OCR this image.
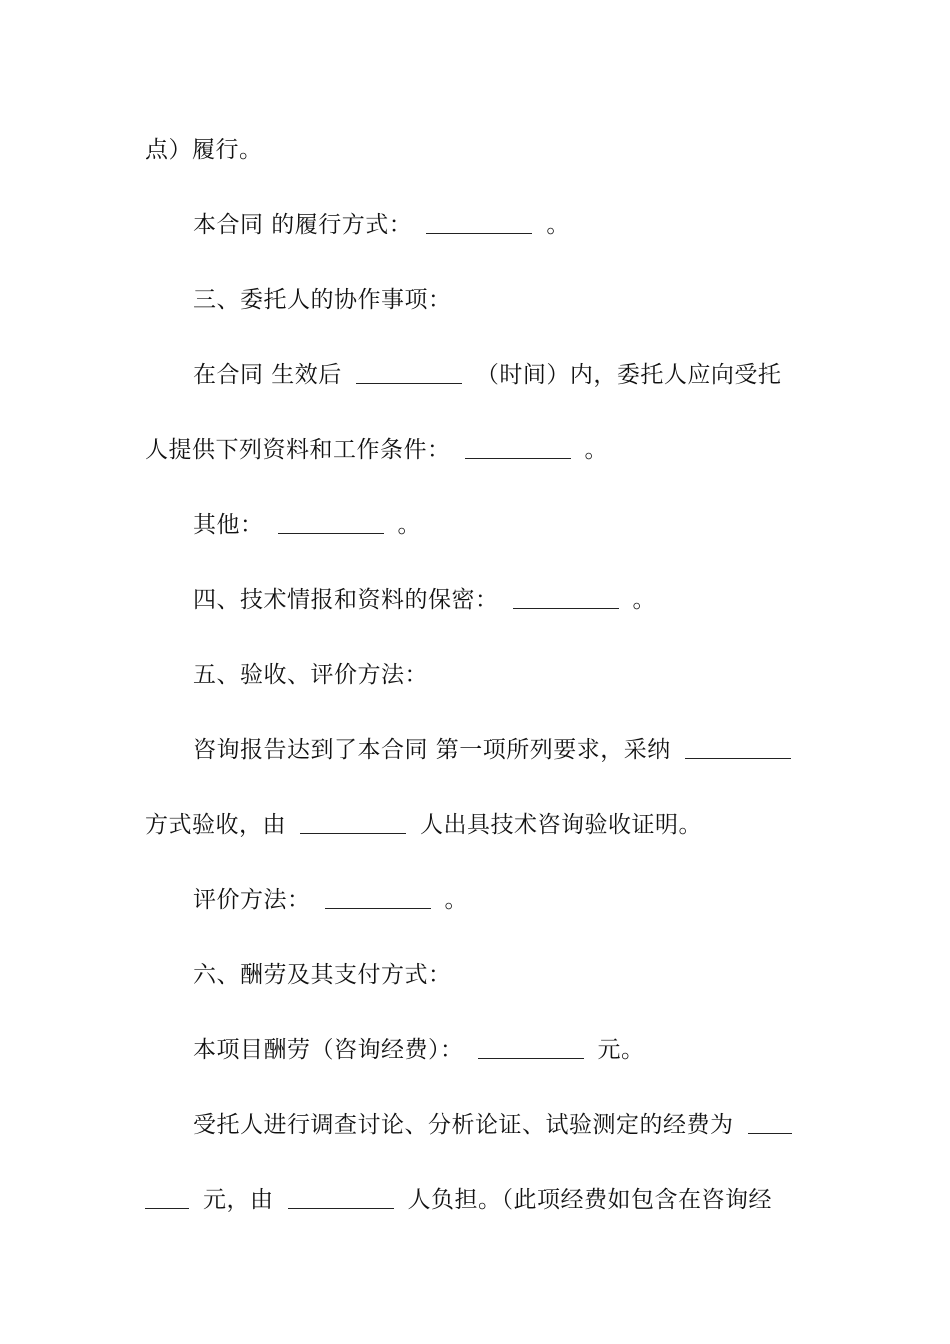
点）履行。
本合同 的履行方式：	。
三、委托人的协作事项：
在合同 生效后	（时间）内，委托人应向受托
人提供下列资料和工作条件：	。
其他：	。
四、技术情报和资料的保密：	。
五、验收、评价方法：
咨询报告达到了本合同 第一项所列要求，采纳
方式验收，由	人出具技术咨询验收证明。
评价方法：	。
六、酬劳及其支付方式：
本项目酬劳（咨询经费）：	元。
受托人进行调查讨论、分析论证、试验测定的经费为
元，由	人负担。（此项经费如包含在咨询经
